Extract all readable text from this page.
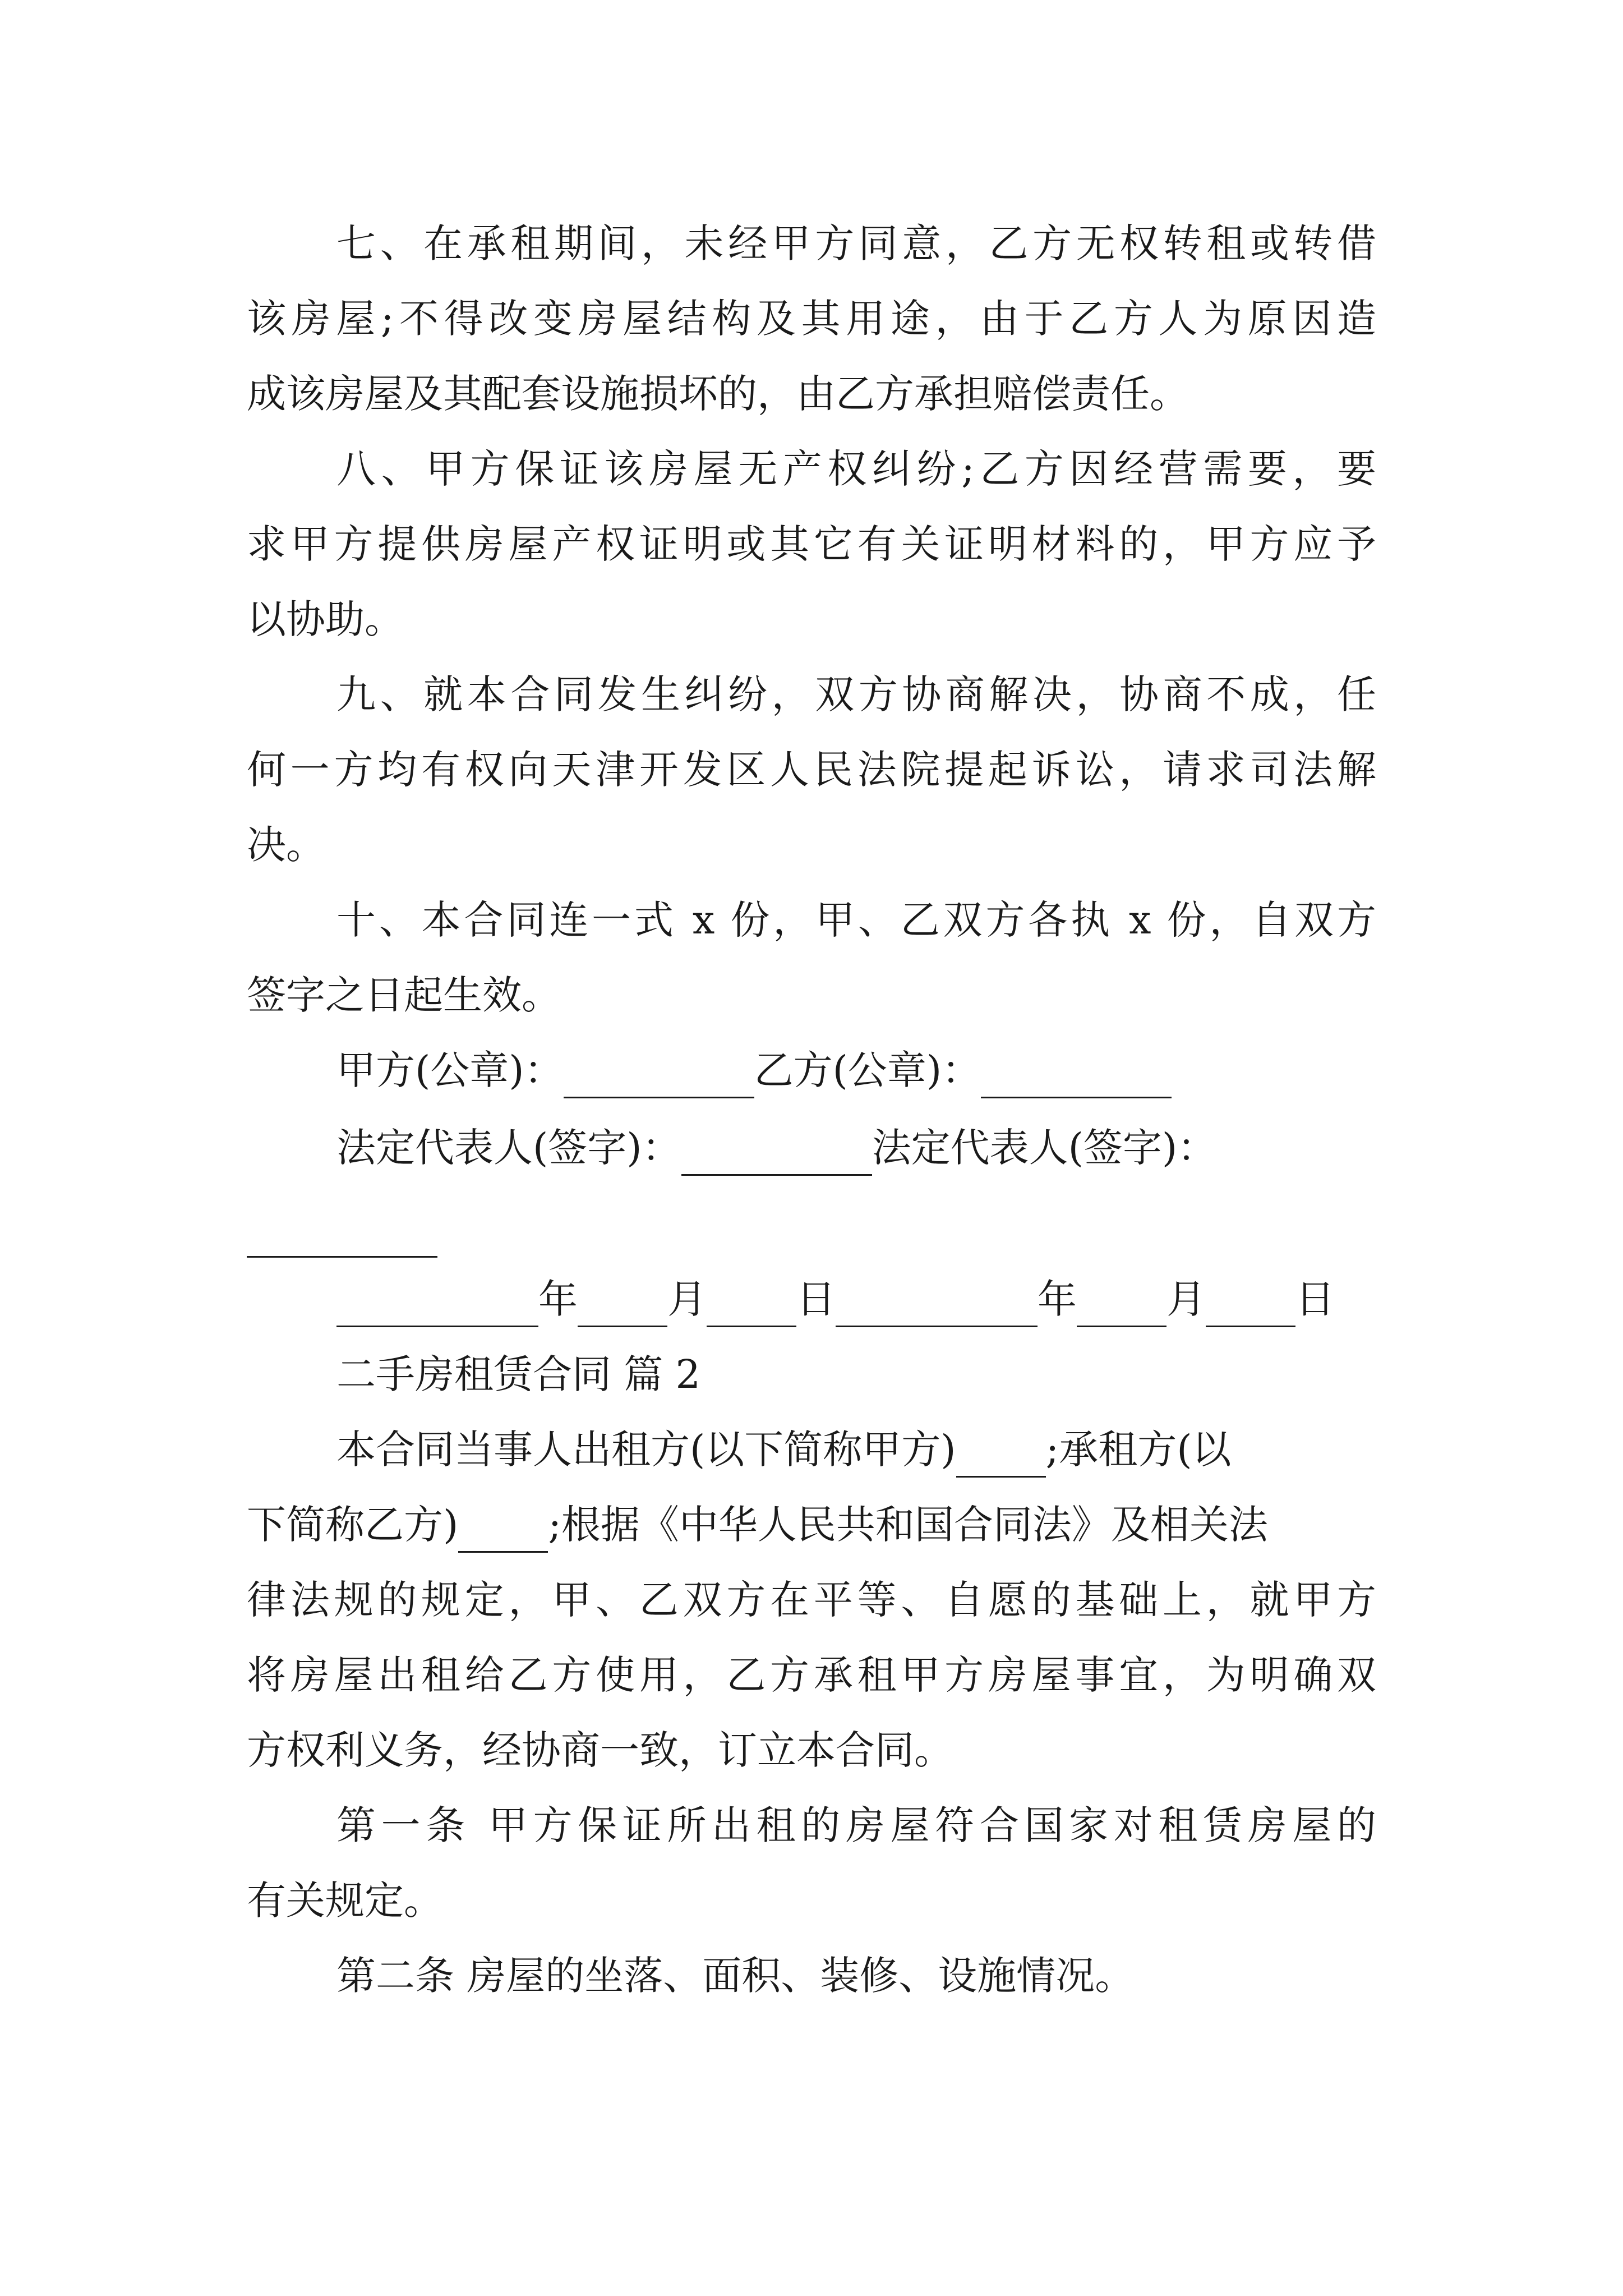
七、在承租期间，未经甲方同意，乙方无权转租或转借
该房屋;不得改变房屋结构及其用途，由于乙方人为原因造
成该房屋及其配套设施损坏的，由乙方承担赔偿责任。
八、甲方保证该房屋无产权纠纷;乙方因经营需要，要
求甲方提供房屋产权证明或其它有关证明材料的，甲方应予
以协助。
九、就本合同发生纠纷，双方协商解决，协商不成，任
何一方均有权向天津开发区人民法院提起诉讼，请求司法解
决。
十、本合同连一式 x 份，甲、乙双方各执 x 份，自双方
签字之日起生效。
甲方(公章)：	乙方(公章)：
法定代表人(签字)：	法定代表人(签字)：
年 月 日	年 月 日
二手房租赁合同 篇 2
本合同当事人出租方(以下简称甲方) ;承租方(以
下简称乙方) ;根据《中华人民共和国合同法》及相关法
律法规的规定，甲、乙双方在平等、自愿的基础上，就甲方
将房屋出租给乙方使用，乙方承租甲方房屋事宜，为明确双
方权利义务，经协商一致，订立本合同。
第一条 甲方保证所出租的房屋符合国家对租赁房屋的
有关规定。
第二条 房屋的坐落、面积、装修、设施情况。
